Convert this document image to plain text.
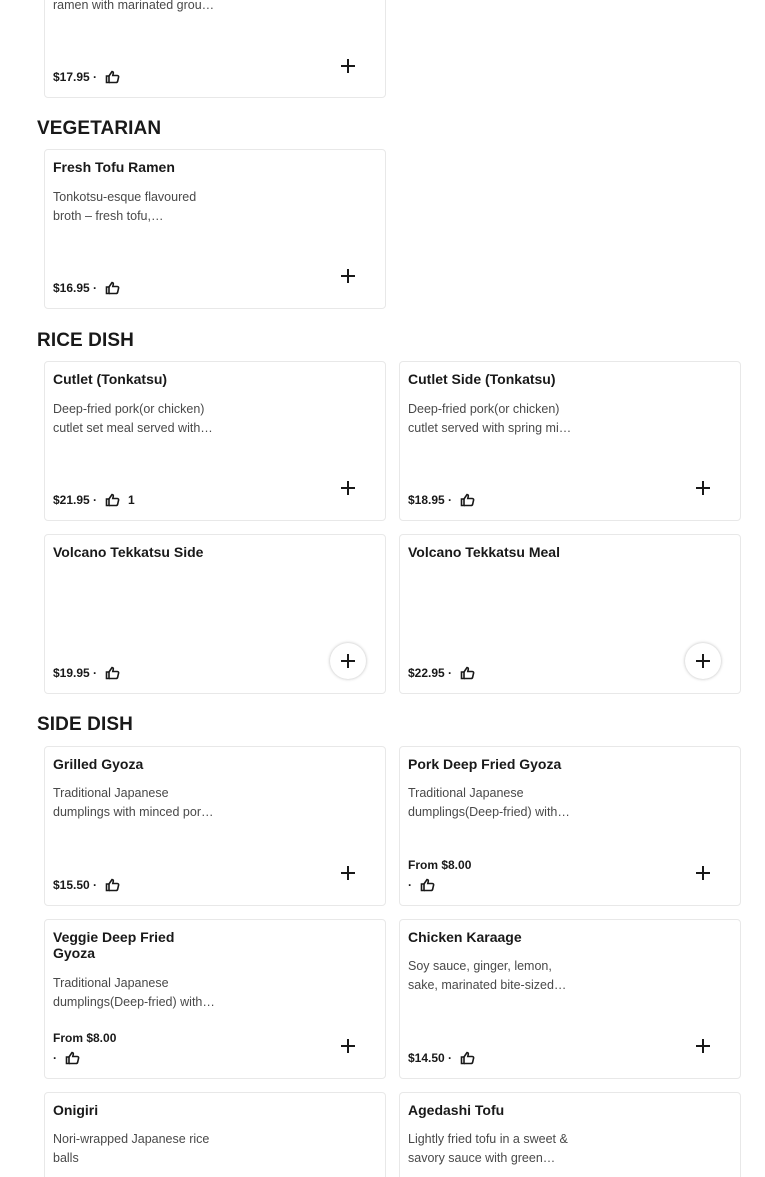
ramen with marinated grou…
$17.95
·
VEGETARIAN
Fresh Tofu Ramen
Tonkotsu-esque flavoured
broth – fresh tofu,…
$16.95
·
RICE DISH
Cutlet (Tonkatsu)
Deep-fried pork(or chicken)
cutlet set meal served with…
$21.95
·	1
Cutlet Side (Tonkatsu)
Deep-fried pork(or chicken)
cutlet served with spring mi…
$18.95
·
Volcano Tekkatsu Side
$19.95
·
Volcano Tekkatsu Meal
$22.95
·
SIDE DISH
Grilled Gyoza
Traditional Japanese
dumplings with minced por…
$15.50
·
Pork Deep Fried Gyoza
Traditional Japanese
dumplings(Deep-fried) with…
From $8.00
·
Veggie Deep Fried Gyoza
Traditional Japanese
dumplings(Deep-fried) with…
From $8.00
·
Chicken Karaage
Soy sauce, ginger, lemon,
sake, marinated bite-sized…
$14.50
·
Onigiri
Nori-wrapped Japanese rice
balls
Agedashi Tofu
Lightly fried tofu in a sweet &
savory sauce with green…
